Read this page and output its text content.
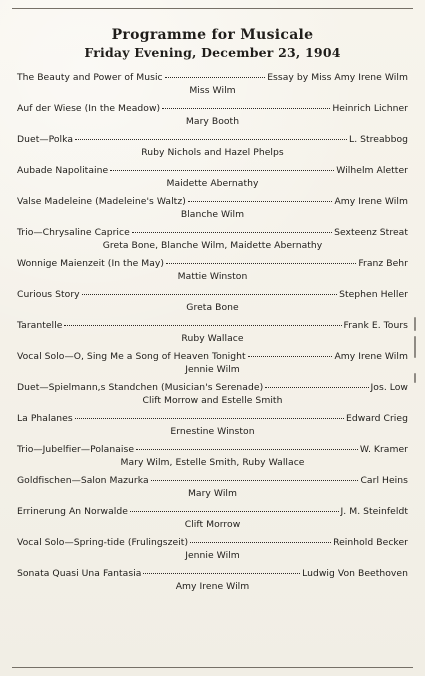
Programme for Musicale
Friday Evening, December 23, 1904
The Beauty and Power of Music	Essay by Miss Amy Irene Wilm
Miss Wilm
Auf der Wiese (In the Meadow)	Heinrich Lichner
Mary Booth
Duet—Polka	L. Streabbog
Ruby Nichols and Hazel Phelps
Aubade Napolitaine	Wilhelm Aletter
Maidette Abernathy
Valse Madeleine (Madeleine's Waltz)	Amy Irene Wilm
Blanche Wilm
Trio—Chrysaline Caprice	Sexteenz Streat
Greta Bone, Blanche Wilm, Maidette Abernathy
Wonnige Maienzeit (In the May)	Franz Behr
Mattie Winston
Curious Story	Stephen Heller
Greta Bone
Tarantelle	Frank E. Tours
Ruby Wallace
Vocal Solo—O, Sing Me a Song of Heaven Tonight	Amy Irene Wilm
Jennie Wilm
Duet—Spielmann,s Standchen (Musician's Serenade)	Jos. Low
Clift Morrow and Estelle Smith
La Phalanes	Edward Crieg
Ernestine Winston
Trio—Jubelfier—Polanaise	W. Kramer
Mary Wilm, Estelle Smith, Ruby Wallace
Goldfischen—Salon Mazurka	Carl Heins
Mary Wilm
Errinerung An Norwalde	J. M. Steinfeldt
Clift Morrow
Vocal Solo—Spring-tide (Frulingszeit)	Reinhold Becker
Jennie Wilm
Sonata Quasi Una Fantasia	Ludwig Von Beethoven
Amy Irene Wilm
